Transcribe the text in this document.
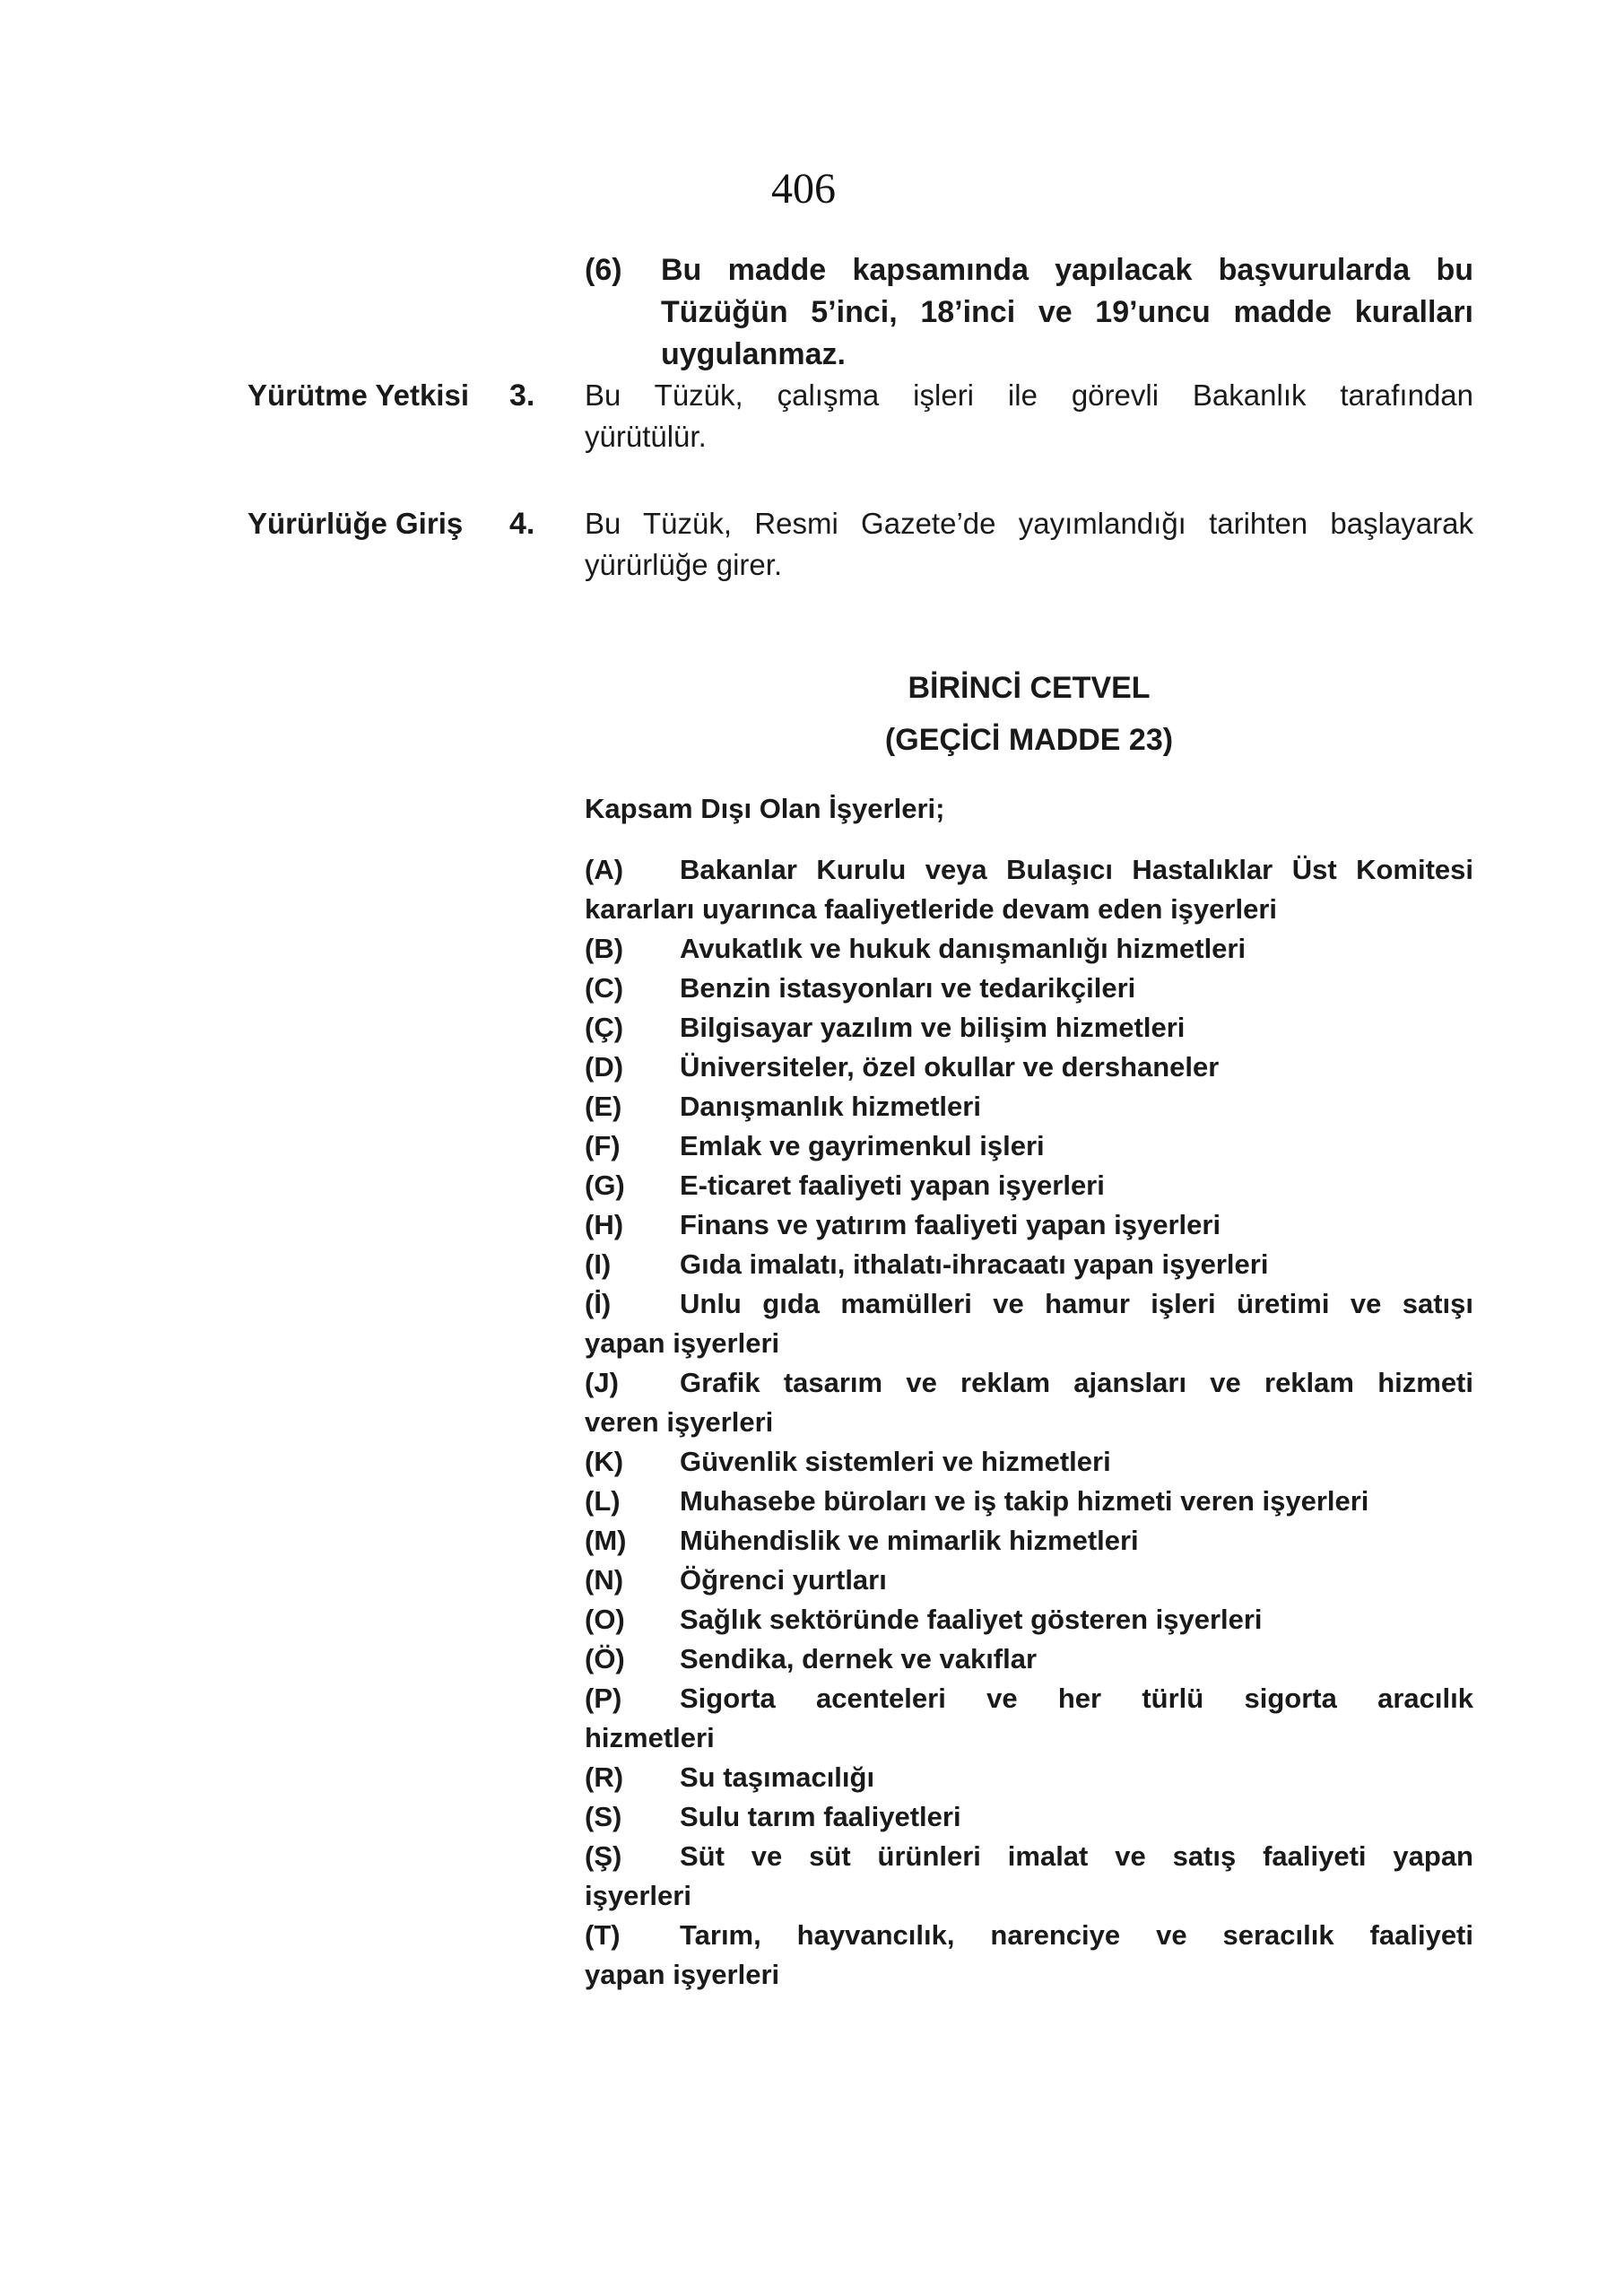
406
(6) Bu madde kapsamında yapılacak başvurularda bu
Tüzüğün 5’inci, 18’inci ve 19’uncu madde kuralları
uygulanmaz.
Yürütme Yetkisi 3. Bu Tüzük, çalışma işleri ile görevli Bakanlık tarafından
yürütülür.
Yürürlüğe Giriş 4. Bu Tüzük, Resmi Gazete’de yayımlandığı tarihten başlayarak
yürürlüğe girer.
BİRİNCİ CETVEL
(GEÇİCİ MADDE 23)
Kapsam Dışı Olan İşyerleri;
(A) Bakanlar Kurulu veya Bulaşıcı Hastalıklar Üst Komitesi
kararları uyarınca faaliyetleride devam eden işyerleri
(B) Avukatlık ve hukuk danışmanlığı hizmetleri
(C) Benzin istasyonları ve tedarikçileri
(Ç) Bilgisayar yazılım ve bilişim hizmetleri
(D) Üniversiteler, özel okullar ve dershaneler
(E) Danışmanlık hizmetleri
(F) Emlak ve gayrimenkul işleri
(G) E-ticaret faaliyeti yapan işyerleri
(H) Finans ve yatırım faaliyeti yapan işyerleri
(I) Gıda imalatı, ithalatı-ihracaatı yapan işyerleri
(İ) Unlu gıda mamülleri ve hamur işleri üretimi ve satışı
yapan işyerleri
(J) Grafik tasarım ve reklam ajansları ve reklam hizmeti
veren işyerleri
(K) Güvenlik sistemleri ve hizmetleri
(L) Muhasebe büroları ve iş takip hizmeti veren işyerleri
(M) Mühendislik ve mimarlik hizmetleri
(N) Öğrenci yurtları
(O) Sağlık sektöründe faaliyet gösteren işyerleri
(Ö) Sendika, dernek ve vakıflar
(P) Sigorta acenteleri ve her türlü sigorta aracılık
hizmetleri
(R) Su taşımacılığı
(S) Sulu tarım faaliyetleri
(Ş) Süt ve süt ürünleri imalat ve satış faaliyeti yapan
işyerleri
(T) Tarım, hayvancılık, narenciye ve seracılık faaliyeti
yapan işyerleri
